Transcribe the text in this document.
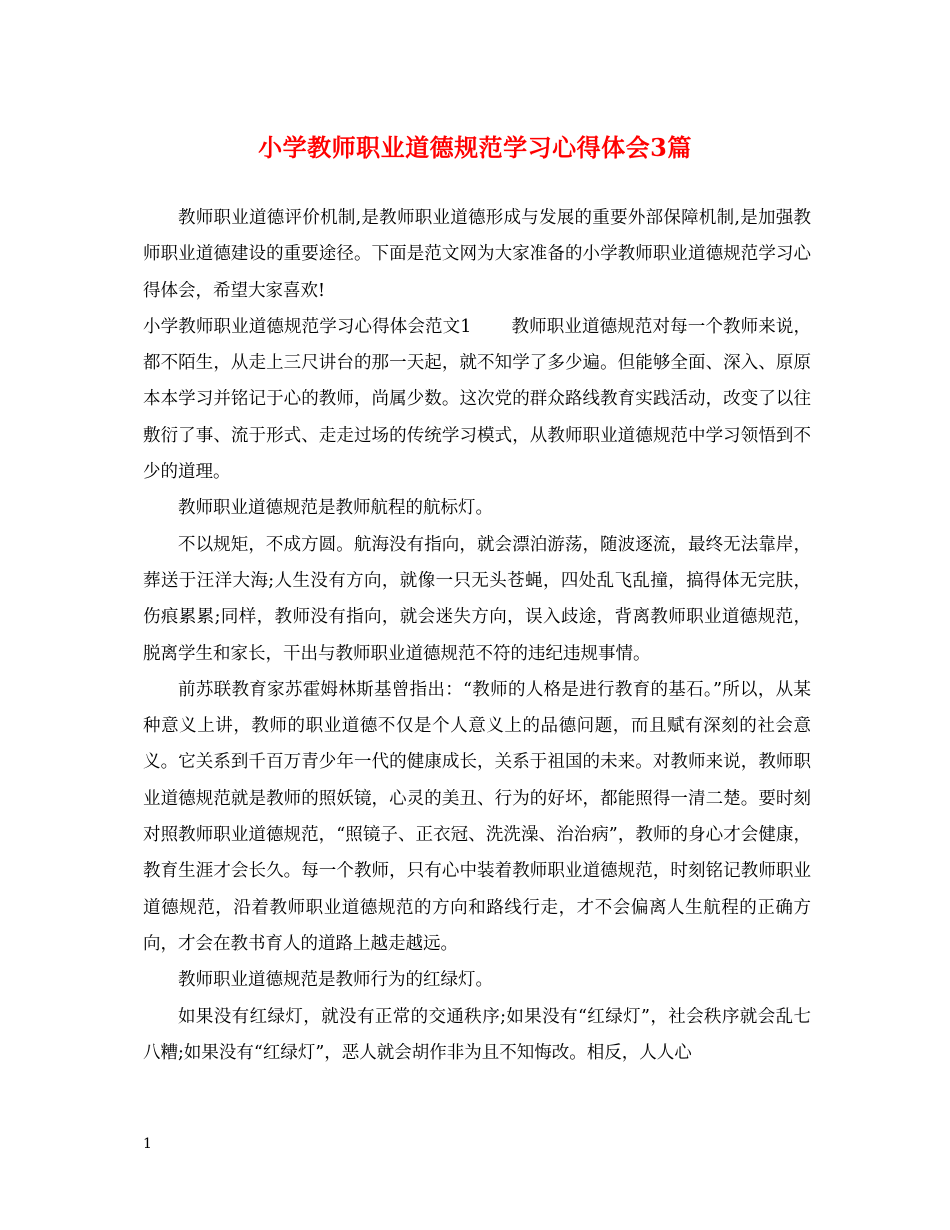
小学教师职业道德规范学习心得体会3篇

教师职业道德评价机制,是教师职业道德形成与发展的重要外部保障机制,是加强教师职业道德建设的重要途径。下面是范文网为大家准备的小学教师职业道德规范学习心得体会，希望大家喜欢!

小学教师职业道德规范学习心得体会范文1 教师职业道德规范对每一个教师来说，都不陌生，从走上三尺讲台的那一天起，就不知学了多少遍。但能够全面、深入、原原本本学习并铭记于心的教师，尚属少数。这次党的群众路线教育实践活动，改变了以往敷衍了事、流于形式、走走过场的传统学习模式，从教师职业道德规范中学习领悟到不少的道理。

教师职业道德规范是教师航程的航标灯。

不以规矩，不成方圆。航海没有指向，就会漂泊游荡，随波逐流，最终无法靠岸，葬送于汪洋大海;人生没有方向，就像一只无头苍蝇，四处乱飞乱撞，搞得体无完肤，伤痕累累;同样，教师没有指向，就会迷失方向，误入歧途，背离教师职业道德规范，脱离学生和家长，干出与教师职业道德规范不符的违纪违规事情。

前苏联教育家苏霍姆林斯基曾指出：“教师的人格是进行教育的基石。”所以，从某种意义上讲，教师的职业道德不仅是个人意义上的品德问题，而且赋有深刻的社会意义。它关系到千百万青少年一代的健康成长，关系于祖国的未来。对教师来说，教师职业道德规范就是教师的照妖镜，心灵的美丑、行为的好坏，都能照得一清二楚。要时刻对照教师职业道德规范，“照镜子、正衣冠、洗洗澡、治治病”，教师的身心才会健康，教育生涯才会长久。每一个教师，只有心中装着教师职业道德规范，时刻铭记教师职业道德规范，沿着教师职业道德规范的方向和路线行走，才不会偏离人生航程的正确方向，才会在教书育人的道路上越走越远。

教师职业道德规范是教师行为的红绿灯。

如果没有红绿灯，就没有正常的交通秩序;如果没有“红绿灯”，社会秩序就会乱七八糟;如果没有“红绿灯”，恶人就会胡作非为且不知悔改。相反，人人心

1
